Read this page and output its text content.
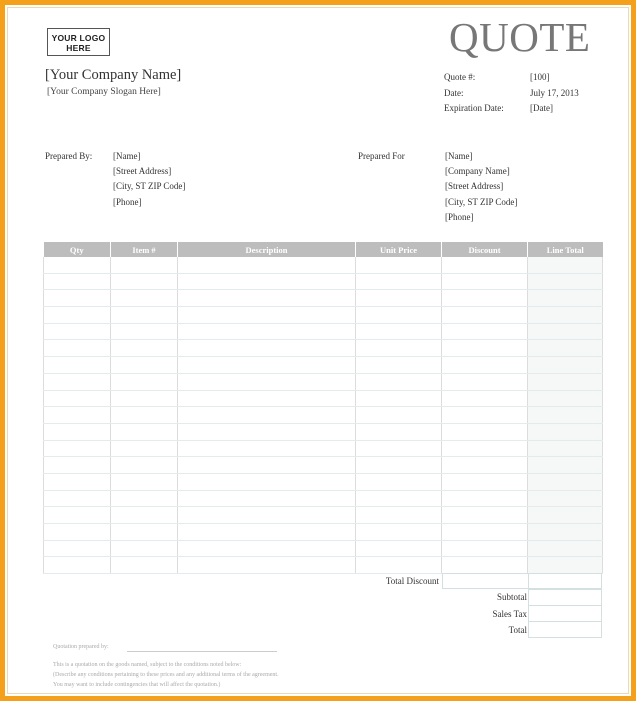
YOUR LOGO
HERE	QUOTE
[Your Company Name]
[Your Company Slogan Here]
Quote #:	[100]
Date:	July 17, 2013
Expiration Date:	[Date]
Prepared By: [Name]
[Street Address]
[City, ST ZIP Code]
[Phone]
Prepared For	[Name]
[Company Name]
[Street Address]
[City, ST ZIP Code]
[Phone]
Qty	Item #	Description	Unit Price	Discount	Line Total

Total Discount
Subtotal
Sales Tax
Total
Quotation prepared by:
This is a quotation on the goods named, subject to the conditions noted below:
(Describe any conditions pertaining to these prices and any additional terms of the agreement.
You may want to include contingencies that will affect the quotation.)
